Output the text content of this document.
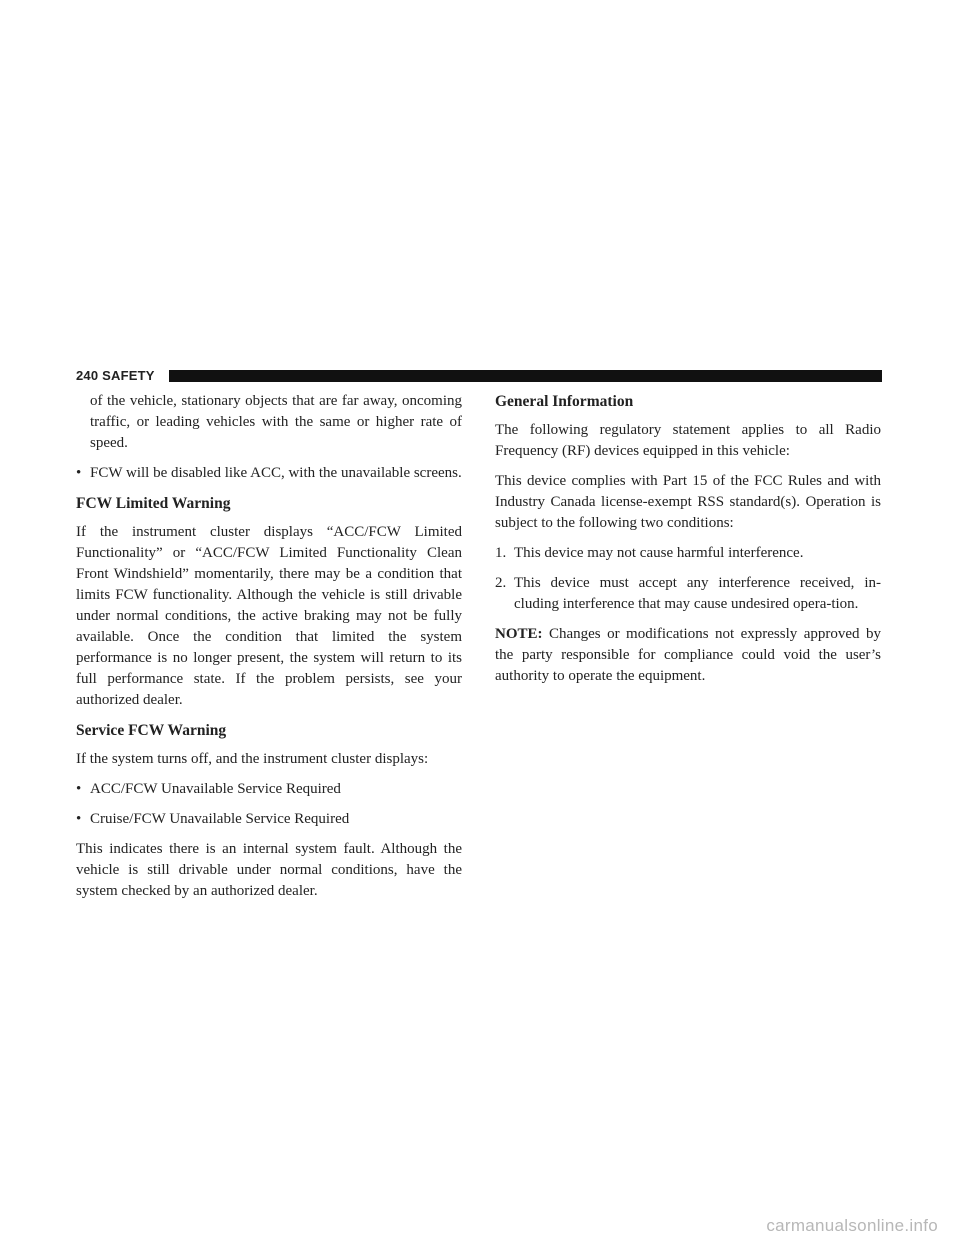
240 SAFETY

of the vehicle, stationary objects that are far away, oncoming traffic, or leading vehicles with the same or higher rate of speed.

• FCW will be disabled like ACC, with the unavailable screens.
FCW Limited Warning

If the instrument cluster displays “ACC/FCW Limited Functionality” or “ACC/FCW Limited Functionality Clean Front Windshield” momentarily, there may be a condition that limits FCW functionality. Although the vehicle is still drivable under normal conditions, the active braking may not be fully available. Once the condition that limited the system performance is no longer present, the system will return to its full performance state. If the problem persists, see your authorized dealer.

Service FCW Warning

If the system turns off, and the instrument cluster displays:

• ACC/FCW Unavailable Service Required
• Cruise/FCW Unavailable Service Required

This indicates there is an internal system fault. Although the vehicle is still drivable under normal conditions, have the system checked by an authorized dealer.

General Information

The following regulatory statement applies to all Radio Frequency (RF) devices equipped in this vehicle:

This device complies with Part 15 of the FCC Rules and with Industry Canada license-exempt RSS standard(s). Operation is subject to the following two conditions:

1. This device may not cause harmful interference.
2. This device must accept any interference received, in-cluding interference that may cause undesired opera-tion.

NOTE: Changes or modifications not expressly approved by the party responsible for compliance could void the user’s authority to operate the equipment.

carmanualsonline.info
